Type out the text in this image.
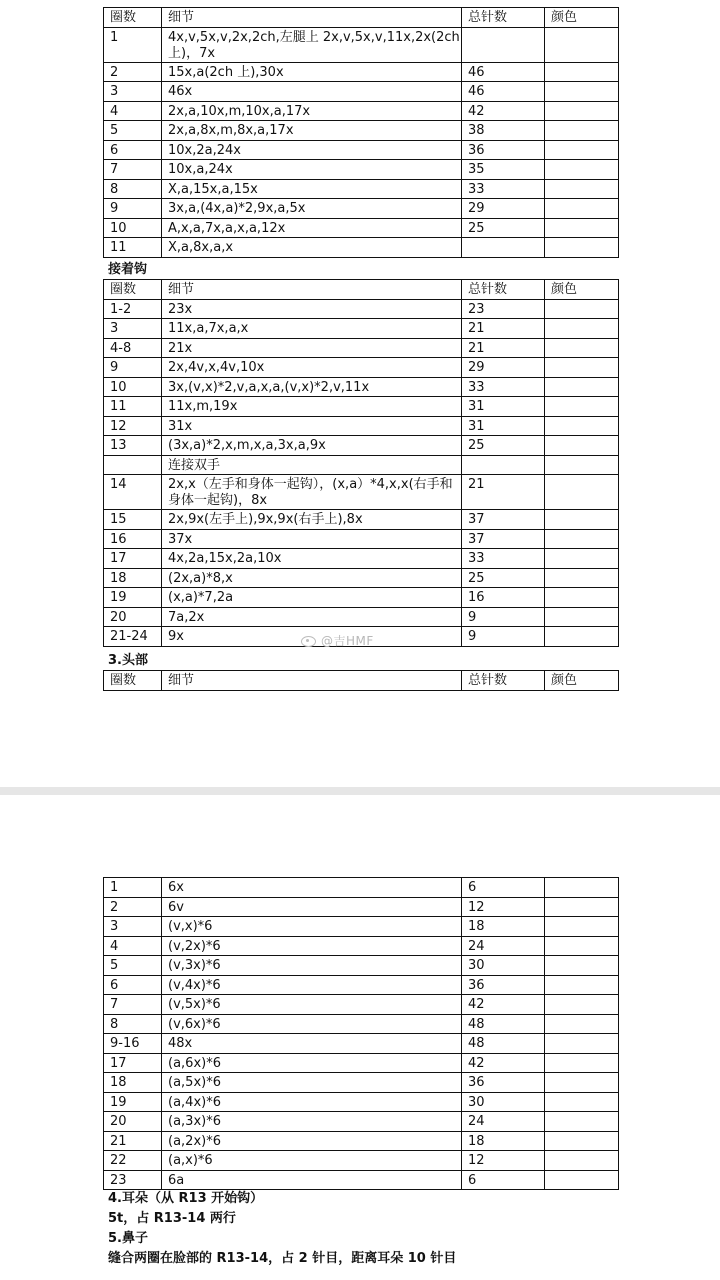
圈数	细节	总针数	颜色
1	4x,v,5x,v,2x,2ch,左腿上 2x,v,5x,v,11x,2x(2ch上)，7x		
2	15x,a(2ch 上),30x	46	
3	46x	46	
4	2x,a,10x,m,10x,a,17x	42	
5	2x,a,8x,m,8x,a,17x	38	
6	10x,2a,24x	36	
7	10x,a,24x	35	
8	X,a,15x,a,15x	33	
9	3x,a,(4x,a)*2,9x,a,5x	29	
10	A,x,a,7x,a,x,a,12x	25	
11	X,a,8x,a,x		
接着钩
圈数	细节	总针数	颜色
1-2	23x	23	
3	11x,a,7x,a,x	21	
4-8	21x	21	
9	2x,4v,x,4v,10x	29	
10	3x,(v,x)*2,v,a,x,a,(v,x)*2,v,11x	33	
11	11x,m,19x	31	
12	31x	31	
13	(3x,a)*2,x,m,x,a,3x,a,9x	25	
	连接双手		
14	2x,x（左手和身体一起钩），(x,a）*4,x,x(右手和身体一起钩)，8x	21	
15	2x,9x(左手上),9x,9x(右手上),8x	37	
16	37x	37	
17	4x,2a,15x,2a,10x	33	
18	(2x,a)*8,x	25	
19	(x,a)*7,2a	16	
20	7a,2x	9	
21-24	9x	9	
3.头部
圈数	细节	总针数	颜色
@吉HMF
1	6x	6	
2	6v	12	
3	(v,x)*6	18	
4	(v,2x)*6	24	
5	(v,3x)*6	30	
6	(v,4x)*6	36	
7	(v,5x)*6	42	
8	(v,6x)*6	48	
9-16	48x	48	
17	(a,6x)*6	42	
18	(a,5x)*6	36	
19	(a,4x)*6	30	
20	(a,3x)*6	24	
21	(a,2x)*6	18	
22	(a,x)*6	12	
23	6a	6	
4.耳朵（从 R13 开始钩）
5t，占 R13-14 两行
5.鼻子
缝合两圈在脸部的 R13-14，占 2 针目，距离耳朵 10 针目
